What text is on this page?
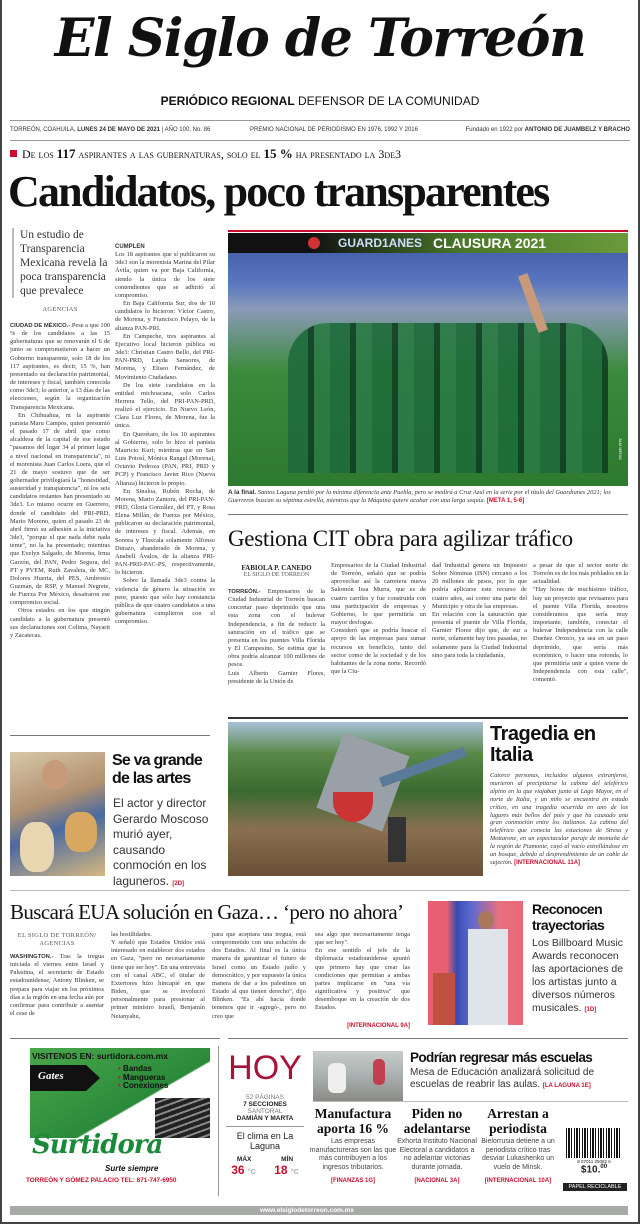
El Siglo de Torreón
PERIÓDICO REGIONAL DEFENSOR DE LA COMUNIDAD
TORREÓN, COAHUILA, LUNES 24 DE MAYO DE 2021 | AÑO 100, No. 86	PREMIO NACIONAL DE PERIODISMO EN 1976, 1992 Y 2016	Fundado en 1922 por ANTONIO DE JUAMBELZ Y BRACHO
De los 117 aspirantes a las gubernaturas, solo el 15 % ha presentado la 3de3
Candidatos, poco transparentes
Un estudio de Transparencia Mexicana revela la poca transparencia que prevalece
AGENCIAS

CIUDAD DE MÉXICO.- Pese a que 100 % de los candidatos a las 15 gubernaturas que se renovarán el 6 de junio se comprometieron a hacer un Gobierno transparente, solo 18 de los 117 aspirantes, es decir, 15 %, han presentado su declaración patrimonial, de intereses y fiscal, también conocida como 3de3; lo anterior, a 13 días de las elecciones, según la organización Transparencia Mexicana.

En Chihuahua, ni la aspirante panista Maru Campos, quien presumió el pasado 17 de abril que como alcaldesa de la capital de ese estado "pasamos del lugar 34 al primer lugar a nivel nacional en transparencia", ni el morenista Juan Carlos Loera, que el 21 de mayo sostuvo que de ser gobernador privilegiará la "honestidad, austeridad y transparencia", ni los seis candidatos restantes han presentado su 3de3. Lo mismo ocurre en Guerrero, donde el candidato del PRI-PRD, Mario Moreno, quien el pasado 23 de abril firmó su adhesión a la iniciativa 3de3, "porque el que nada debe nada teme", no la ha presentado; mientras que Evelyn Salgado, de Morena, Irma Garzón, del PAN, Pedro Segura, del PT y PVEM, Ruth Zavaleta, de MC, Dolores Huerta, del PES, Ambrosio Guzmán, de RSP, y Manuel Negrete, de Fuerza Por México, desairaron ese compromiso social.

Otros estados en los que ningún candidato a la gubernatura presentó sus declaraciones son Colima, Nayarit y Zacatecas.

CUMPLEN

Los 18 aspirantes que sí publicaron su 3de3 son la morenista Marina del Pilar Ávila, quien va por Baja California, siendo la única de los siete contendientes que se adhirió al compromiso.

En Baja California Sur, dos de 10 candidatos lo hicieron: Víctor Castro, de Morena, y Francisco Pelayo, de la alianza PAN-PRI.

En Campeche, tres aspirantes al Ejecutivo local hicieron pública su 3de3: Christian Castro Bello, del PRI-PAN-PRD, Layda Sansores, de Morena, y Eliseo Fernández, de Movimiento Ciudadano.

De los siete candidatos en la entidad michoacana, solo Carlos Herrera Tello, del PRI-PAN-PRD, realizó el ejercicio. En Nuevo León, Clara Luz Flores, de Morena, fue la única.

En Querétaro, de los 10 aspirantes al Gobierno, solo lo hizo el panista Mauricio Kuri; mientras que en San Luis Potosí, Mónica Rangel (Morena), Octavio Pedroza (PAN, PRI, PRD y PCP) y Francisco Javier Rico (Nueva Alianza) hicieron lo propio.

En Sinaloa, Rubén Rocha, de Morena, Mario Zamora, del PRI-PAN-PRD, Gloria González, del PT, y Rosa Elena Millán, de Fuerza por México, publicaron su declaración patrimonial, de intereses y fiscal. Además, en Sonora y Tlaxcala solamente Alfonso Durazo, abanderado de Morena, y Anabell Ávalos, de la alianza PRI-PAN-PRD-PAC-PS, respectivamente, lo hicieron.

Sobre la llamada 3de3 contra la violencia de género la situación es peor, puesto que sólo hay constancia pública de que cuatro candidatos a una gubernatura cumplieron con el compromiso.

GUARD1ANES CLAUSURA 2021
JAM MEDIA
A la final. Santos Laguna perdió por la mínima diferencia ante Puebla, pero se medirá a Cruz Azul en la serie por el título del Guardianes 2021; los Guerreros buscan su séptima estrella, mientras que la Máquina quiere acabar con una larga sequía. [META 1, 5-6]
Gestiona CIT obra para agilizar tráfico
FABIOLA P. CANEDO
EL SIGLO DE TORREÓN

TORREÓN.- Empresarios de la Ciudad Industrial de Torreón buscan concretar paso deprimido que una esta zona con el bulevar Independencia, a fin de reducir la saturación en el tráfico que se presenta en los puentes Villa Florida y El Campesino. Se estima que la obra podría alcanzar 100 millones de pesos.
Luis Alberto Garnier Flores, presidente de la Unión de

Empresarios de la Ciudad Industrial de Torreón, señaló que se podría aprovechar así la carretera nueva Salomón Issa Murra, que es de cuatro carriles y fue construida con una participación de empresas y Gobierno, lo que permitiría un mayor desfogue.
Consideró que se podría buscar el apoyo de las empresas para sumar recursos en beneficio, tanto del sector como de la sociedad y de los habitantes de la zona norte. Recordó que la Ciu-
dad Industrial genera un Impuesto Sobre Nóminas (ISN) cercano a los 20 millones de pesos, por lo que podría aplicarse este recurso de cuatro años, así como una parte del Municipio y otra de las empresas.
En relación con la saturación que presenta el puente de Villa Florida, Garnier Flores dijo que, de sur a norte, solamente hay tres pasadas, no solamente para la Ciudad Industrial sino para toda la ciudadanía,
a pesar de que el sector norte de Torreón es de los más poblados en la actualidad.
"Hay horas de muchísimo tráfico, hay un proyecto que revisamos para el puente Villa Florida, nosotros consideramos que sería muy importante, también, conectar el bulevar Independencia con la calle Dueñez Orozco, ya sea en un paso deprimido, que sería más económico, o hacer una rotonda, lo que permitiría unir a quien viene de Independencia con esta calle", comentó.
Se va grande de las artes
El actor y director Gerardo Moscoso murió ayer, causando conmoción en los laguneros. [2D]
Tragedia en Italia
Catorce personas, incluidos algunos extranjeros, murieron al precipitarse la cabina del teleférico alpino en la que viajaban junto al Lago Mayor, en el norte de Italia, y un niño se encuentra en estado crítico, en una tragedia ocurrida en uno de los lugares más bellos del país y que ha causado una gran conmoción entre los italianos. La cabina del teleférico que conecta las estaciones de Stresa y Mottarone, en un espectacular paraje de montaña de la región de Piamonte, cayó al vacío estrellándose en un bosque, debido al desprendimiento de un cable de sujeción. [INTERNACIONAL 11A]
Buscará EUA solución en Gaza… ‘pero no ahora’
EL SIGLO DE TORREÓN/ AGENCIAS

WASHINGTON.- Tras la tregua iniciada el viernes entre Israel y Palestina, el secretario de Estado estadounidense, Antony Blinken, se prepara para viajar en los próximos días a la región en una fecha aún por confirmar para contribuir a asentar el cese de

las hostilidades.
Y señaló que Estados Unidos está interesado en establecer dos estados en Gaza, "pero no necesariamente tiene que ser hoy". En una entrevista con el canal ABC, el titular de Exteriores hizo hincapié en que Biden, que se involucró personalmente para presionar al primer ministro israelí, Benjamín Netanyahu,
para que aceptara una tregua, está comprometido con una solución de dos Estados. Al final es la única manera de garantizar el futuro de Israel como un Estado judío y democrático, y por supuesto la única manera de dar a los palestinos un Estado al que tienen derecho", dijo Blinken. "Es ahí hacia donde tenemos que ir -agregó-, pero no creo que
sea algo que necesariamente tenga que ser hoy".
En ese sentido el jefe de la diplomacia estadounidense apuntó que primero hay que crear las condiciones que permitan a ambas partes implicarse en "una vía significativa y positiva" que desemboque en la creación de dos Estados.
[INTERNACIONAL 9A]
Reconocen trayectorias
Los Billboard Music Awards reconocen las aportaciones de los artistas junto a diversos números musicales. [1D]
VISITENOS EN: surtidora.com.mx
Gates
• Bandas
• Mangueras
• Conexiones
Surtidora
Surte siempre
TORREÓN Y GÓMEZ PALACIO TEL: 871-747-6950
HOY
52 PÁGINAS
7 SECCIONES
SANTORAL
DAMIÁN Y MARTA
El clima en La Laguna
MÁX	MÍN
36 °C 18 °C
Podrían regresar más escuelas
Mesa de Educación analizará solicitud de escuelas de reabrir las aulas. [LA LAGUNA 1E]
Manufactura aporta 16 %
Las empresas manufactureras son las que más contribuyen a los ingresos tributarios.
[FINANZAS 1G]
Piden no adelantarse
Exhorta Instituto Nacional Electoral a candidatos a no adelantar victorias durante jornada.
[NACIONAL 3A]
Arrestan a periodista
Bielorrusia detiene a un periodista crítico tras desviar Lukashenko un vuelo de Minsk.
[INTERNACIONAL 10A]
8 07011 25082 6
$10.00
PAPEL RECICLABLE
www.elsiglodetorreon.com.mx
